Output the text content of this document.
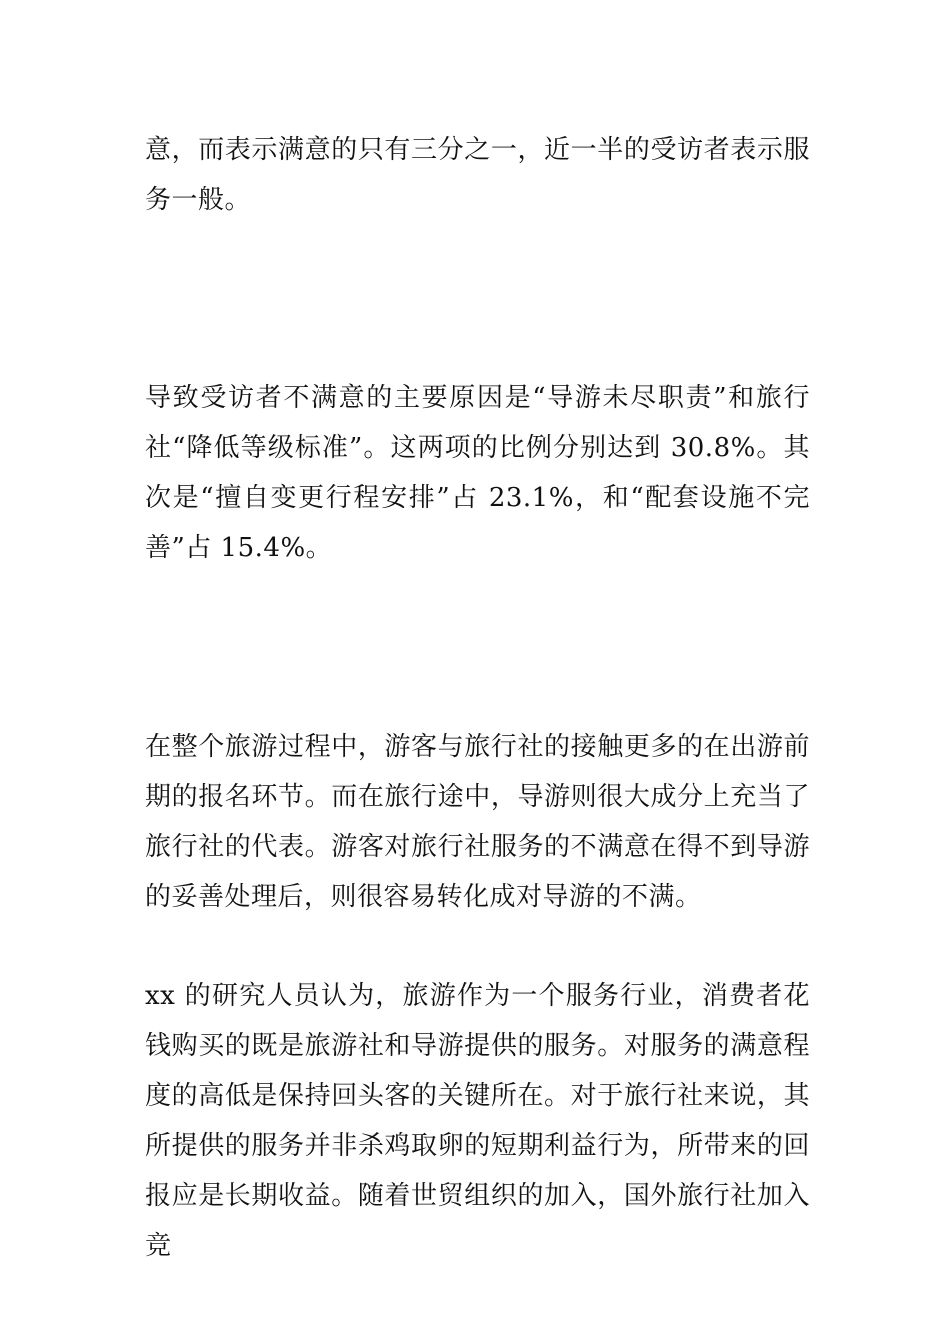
意，而表示满意的只有三分之一，近一半的受访者表示服务一般。

导致受访者不满意的主要原因是“导游未尽职责”和旅行社“降低等级标准”。这两项的比例分别达到 30.8%。其次是“擅自变更行程安排”占 23.1%，和“配套设施不完善”占 15.4%。

在整个旅游过程中，游客与旅行社的接触更多的在出游前期的报名环节。而在旅行途中，导游则很大成分上充当了旅行社的代表。游客对旅行社服务的不满意在得不到导游的妥善处理后，则很容易转化成对导游的不满。

xx 的研究人员认为，旅游作为一个服务行业，消费者花钱购买的既是旅游社和导游提供的服务。对服务的满意程度的高低是保持回头客的关键所在。对于旅行社来说，其所提供的服务并非杀鸡取卵的短期利益行为，所带来的回报应是长期收益。随着世贸组织的加入，国外旅行社加入竞
